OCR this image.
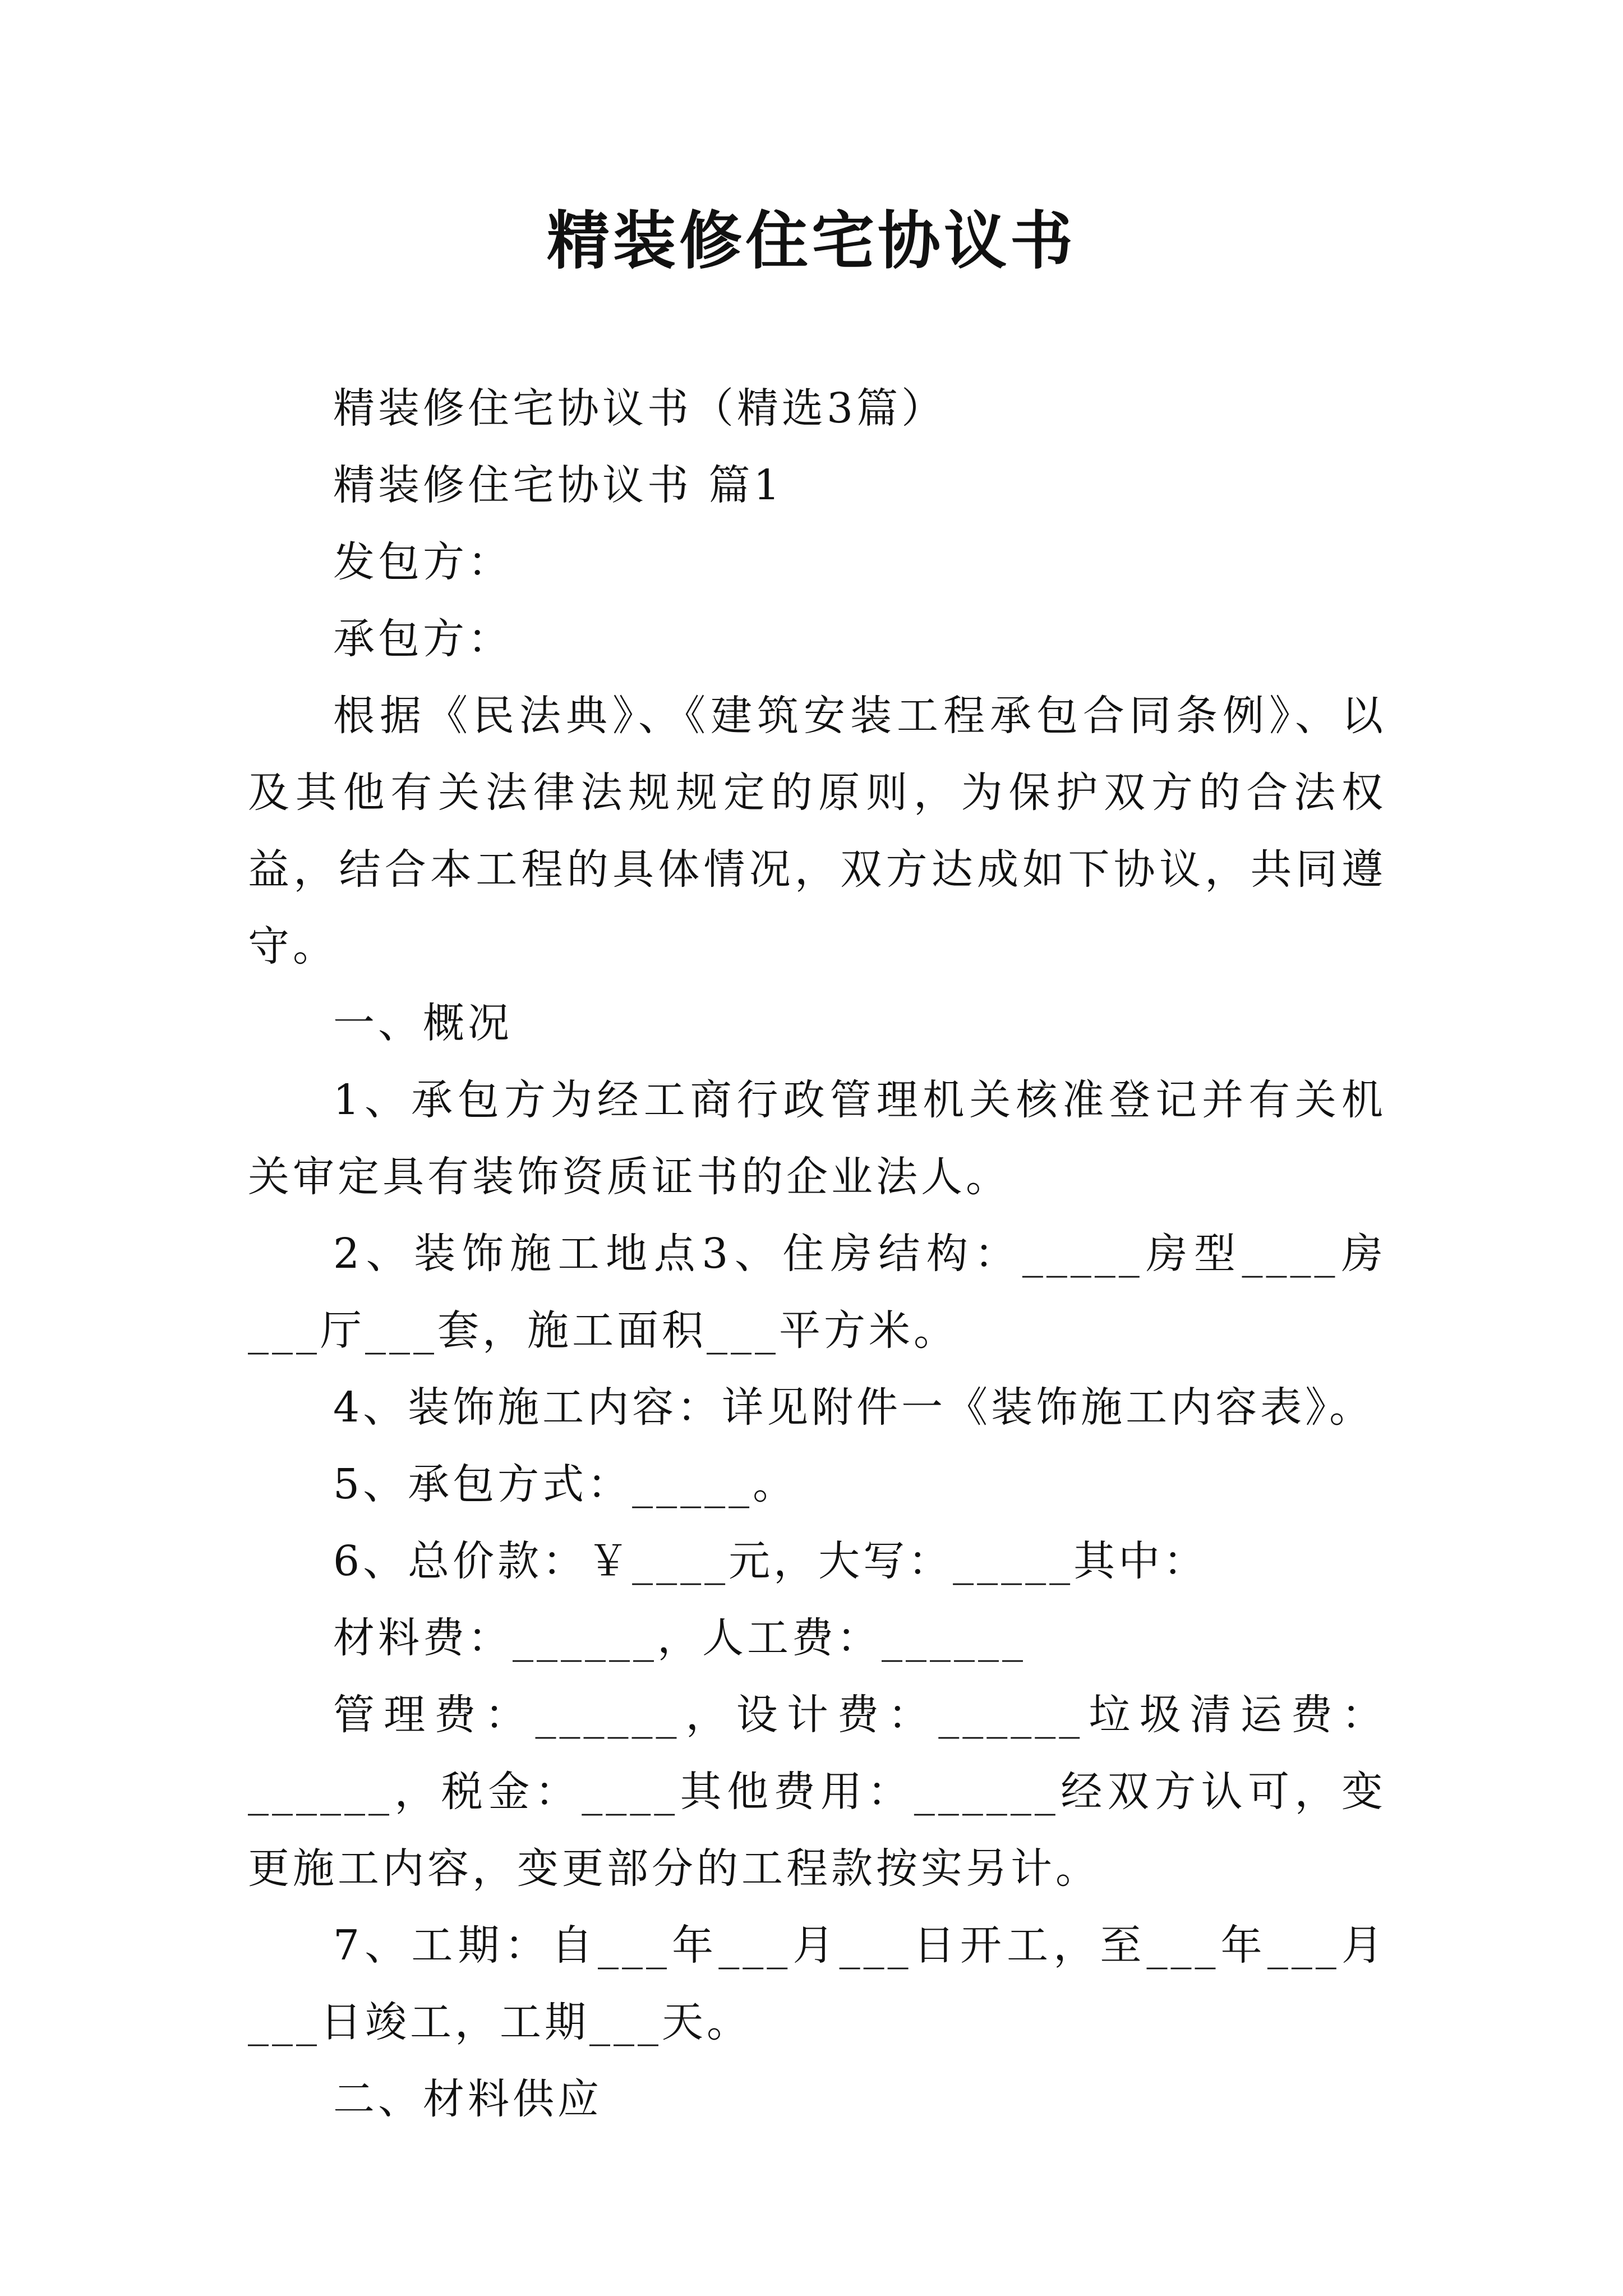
精装修住宅协议书

精装修住宅协议书（精选3篇）

精装修住宅协议书 篇1

发包方：

承包方：

根据《民法典》、《建筑安装工程承包合同条例》、以及其他有关法律法规规定的原则，为保护双方的合法权益，结合本工程的具体情况，双方达成如下协议，共同遵守。

一、概况

1、承包方为经工商行政管理机关核准登记并有关机关审定具有装饰资质证书的企业法人。

2、装饰施工地点3、住房结构：_____房型____房___厅___套，施工面积___平方米。

4、装饰施工内容：详见附件一《装饰施工内容表》。

5、承包方式：_____。

6、总价款：￥____元，大写：_____其中：

材料费：______，人工费：______

管理费：______，设计费：______垃圾清运费：______，税金：____其他费用：______经双方认可，变更施工内容，变更部分的工程款按实另计。

7、工期：自___年___月___日开工，至___年___月___日竣工，工期___天。

二、材料供应
